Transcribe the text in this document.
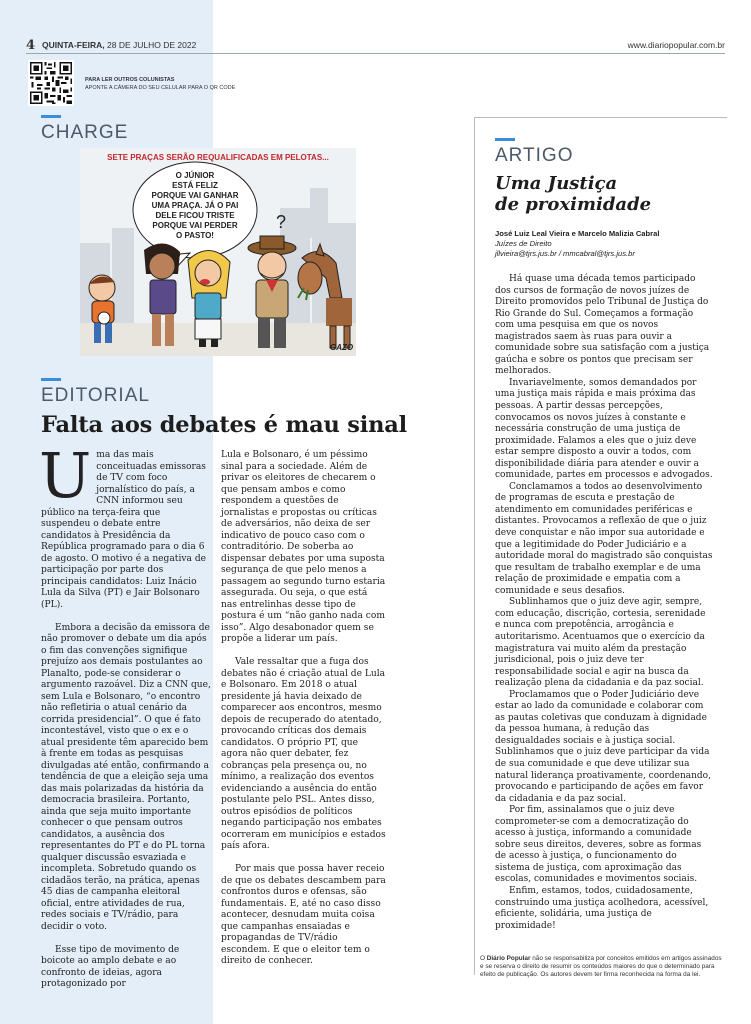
4 QUINTA-FEIRA, 28 DE JULHO DE 2022	www.diariopopular.com.br
PARA LER OUTROS COLUNISTAS
APONTE A CÂMERA DO SEU CELULAR PARA O QR CODE
CHARGE
SETE PRAÇAS SERÃO REQUALIFICADAS EM PELOTAS...
O JÚNIOR
ESTÁ FELIZ
PORQUE VAI GANHAR
UMA PRAÇA. JÁ O PAI
DELE FICOU TRISTE
PORQUE VAI PERDER
O PASTO!
?
GAZO
EDITORIAL
Falta aos debates é mau sinal

Uma das mais conceituadas emissoras de TV com foco jornalístico do país, a CNN informou seu público na terça-feira que suspendeu o debate entre candidatos à Presidência da República programado para o dia 6 de agosto. O motivo é a negativa de participação por parte dos principais candidatos: Luiz Inácio Lula da Silva (PT) e Jair Bolsonaro (PL).

Embora a decisão da emissora de não promover o debate um dia após o fim das convenções signifique prejuízo aos demais postulantes ao Planalto, pode-se considerar o argumento razoável. Diz a CNN que, sem Lula e Bolsonaro, “o encontro não refletiria o atual cenário da corrida presidencial”. O que é fato incontestável, visto que o ex e o atual presidente têm aparecido bem à frente em todas as pesquisas divulgadas até então, confirmando a tendência de que a eleição seja uma das mais polarizadas da história da democracia brasileira. Portanto, ainda que seja muito importante conhecer o que pensam outros candidatos, a ausência dos representantes do PT e do PL torna qualquer discussão esvaziada e incompleta. Sobretudo quando os cidadãos terão, na prática, apenas 45 dias de campanha eleitoral oficial, entre atividades de rua, redes sociais e TV/rádio, para decidir o voto.

Esse tipo de movimento de boicote ao amplo debate e ao confronto de ideias, agora protagonizado por

Lula e Bolsonaro, é um péssimo sinal para a sociedade. Além de privar os eleitores de checarem o que pensam ambos e como respondem a questões de jornalistas e propostas ou críticas de adversários, não deixa de ser indicativo de pouco caso com o contraditório. De soberba ao dispensar debates por uma suposta segurança de que pelo menos a passagem ao segundo turno estaria assegurada. Ou seja, o que está nas entrelinhas desse tipo de postura é um “não ganho nada com isso”. Algo desabonador quem se propõe a liderar um país.

Vale ressaltar que a fuga dos debates não é criação atual de Lula e Bolsonaro. Em 2018 o atual presidente já havia deixado de comparecer aos encontros, mesmo depois de recuperado do atentado, provocando críticas dos demais candidatos. O próprio PT, que agora não quer debater, fez cobranças pela presença ou, no mínimo, a realização dos eventos evidenciando a ausência do então postulante pelo PSL. Antes disso, outros episódios de políticos negando participação nos embates ocorreram em municípios e estados país afora.

Por mais que possa haver receio de que os debates descambem para confrontos duros e ofensas, são fundamentais. E, até no caso disso acontecer, desnudam muita coisa que campanhas ensaiadas e propagandas de TV/rádio escondem. E que o eleitor tem o direito de conhecer.

ARTIGO
Uma Justiça
de proximidade
José Luiz Leal Vieira e Marcelo Malizia Cabral
Juízes de Direito
jllvieira@tjrs.jus.br / mmcabral@tjrs.jus.br

Há quase uma década temos participado dos cursos de formação de novos juízes de Direito promovidos pelo Tribunal de Justiça do Rio Grande do Sul. Começamos a formação com uma pesquisa em que os novos magistrados saem às ruas para ouvir a comunidade sobre sua satisfação com a justiça gaúcha e sobre os pontos que precisam ser melhorados.

Invariavelmente, somos demandados por uma justiça mais rápida e mais próxima das pessoas. A partir dessas percepções, convocamos os novos juízes à constante e necessária construção de uma justiça de proximidade. Falamos a eles que o juiz deve estar sempre disposto a ouvir a todos, com disponibilidade diária para atender e ouvir a comunidade, partes em processos e advogados.

Conclamamos a todos ao desenvolvimento de programas de escuta e prestação de atendimento em comunidades periféricas e distantes. Provocamos a reflexão de que o juiz deve conquistar e não impor sua autoridade e que a legitimidade do Poder Judiciário e a autoridade moral do magistrado são conquistas que resultam de trabalho exemplar e de uma relação de proximidade e empatia com a comunidade e seus desafios.

Sublinhamos que o juiz deve agir, sempre, com educação, discrição, cortesia, serenidade e nunca com prepotência, arrogância e autoritarismo. Acentuamos que o exercício da magistratura vai muito além da prestação jurisdicional, pois o juiz deve ter responsabilidade social e agir na busca da realização plena da cidadania e da paz social.

Proclamamos que o Poder Judiciário deve estar ao lado da comunidade e colaborar com as pautas coletivas que conduzam à dignidade da pessoa humana, à redução das desigualdades sociais e à justiça social. Sublinhamos que o juiz deve participar da vida de sua comunidade e que deve utilizar sua natural liderança proativamente, coordenando, provocando e participando de ações em favor da cidadania e da paz social.

Por fim, assinalamos que o juiz deve comprometer-se com a democratização do acesso à justiça, informando a comunidade sobre seus direitos, deveres, sobre as formas de acesso à justiça, o funcionamento do sistema de justiça, com aproximação das escolas, comunidades e movimentos sociais.

Enfim, estamos, todos, cuidadosamente, construindo uma justiça acolhedora, acessível, eficiente, solidária, uma justiça de proximidade!

O Diário Popular não se responsabiliza por conceitos emitidos em artigos assinados e se reserva o direito de resumir os conteúdos maiores do que o determinado para efeito de publicação. Os autores devem ter firma reconhecida na forma da lei.
